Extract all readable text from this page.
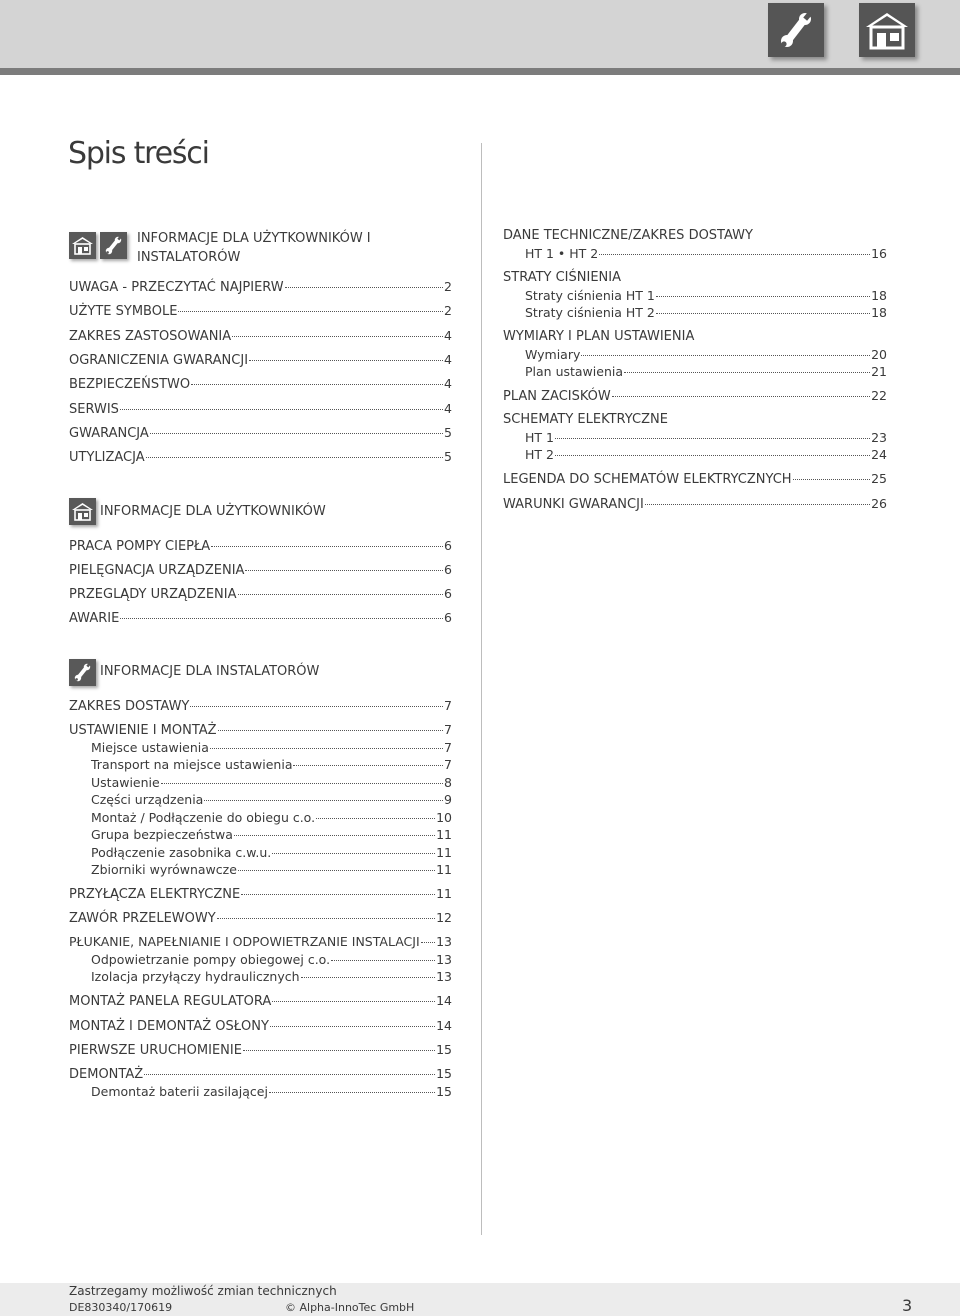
Spis treści
INFORMACJE DLA UŻYTKOWNIKÓW I
INSTALATORÓW
UWAGA - PRZECZYTAĆ NAJPIERW	2
UŻYTE SYMBOLE	2
ZAKRES ZASTOSOWANIA	4
OGRANICZENIA GWARANCJI	4
BEZPIECZEŃSTWO	4
SERWIS	4
GWARANCJA	5
UTYLIZACJA	5
INFORMACJE DLA UŻYTKOWNIKÓW
PRACA POMPY CIEPŁA	6
PIELĘGNACJA URZĄDZENIA	6
PRZEGLĄDY URZĄDZENIA	6
AWARIE	6
INFORMACJE DLA INSTALATORÓW
ZAKRES DOSTAWY	7
USTAWIENIE I MONTAŻ	7
Miejsce ustawienia	7
Transport na miejsce ustawienia	7
Ustawienie	8
Części urządzenia	9
Montaż / Podłączenie do obiegu c.o.	10
Grupa bezpieczeństwa	11
Podłączenie zasobnika c.w.u.	11
Zbiorniki wyrównawcze	11
PRZYŁĄCZA ELEKTRYCZNE	11
ZAWÓR PRZELEWOWY	12
PŁUKANIE, NAPEŁNIANIE I ODPOWIETRZANIE INSTALACJI 13
Odpowietrzanie pompy obiegowej c.o.	13
Izolacja przyłączy hydraulicznych	13
MONTAŻ PANELA REGULATORA	14
MONTAŻ I DEMONTAŻ OSŁONY	14
PIERWSZE URUCHOMIENIE	15
DEMONTAŻ	15
Demontaż baterii zasilającej	15
DANE TECHNICZNE/ZAKRES DOSTAWY
HT 1 • HT 2	16
STRATY CIŚNIENIA
Straty ciśnienia HT 1	18
Straty ciśnienia HT 2	18
WYMIARY I PLAN USTAWIENIA
Wymiary	20
Plan ustawienia	21
PLAN ZACISKÓW	22
SCHEMATY ELEKTRYCZNE
HT 1	23
HT 2	24
LEGENDA DO SCHEMATÓW ELEKTRYCZNYCH	25
WARUNKI GWARANCJI	26
Zastrzegamy możliwość zmian technicznych
DE830340/170619	© Alpha-InnoTec GmbH	3
